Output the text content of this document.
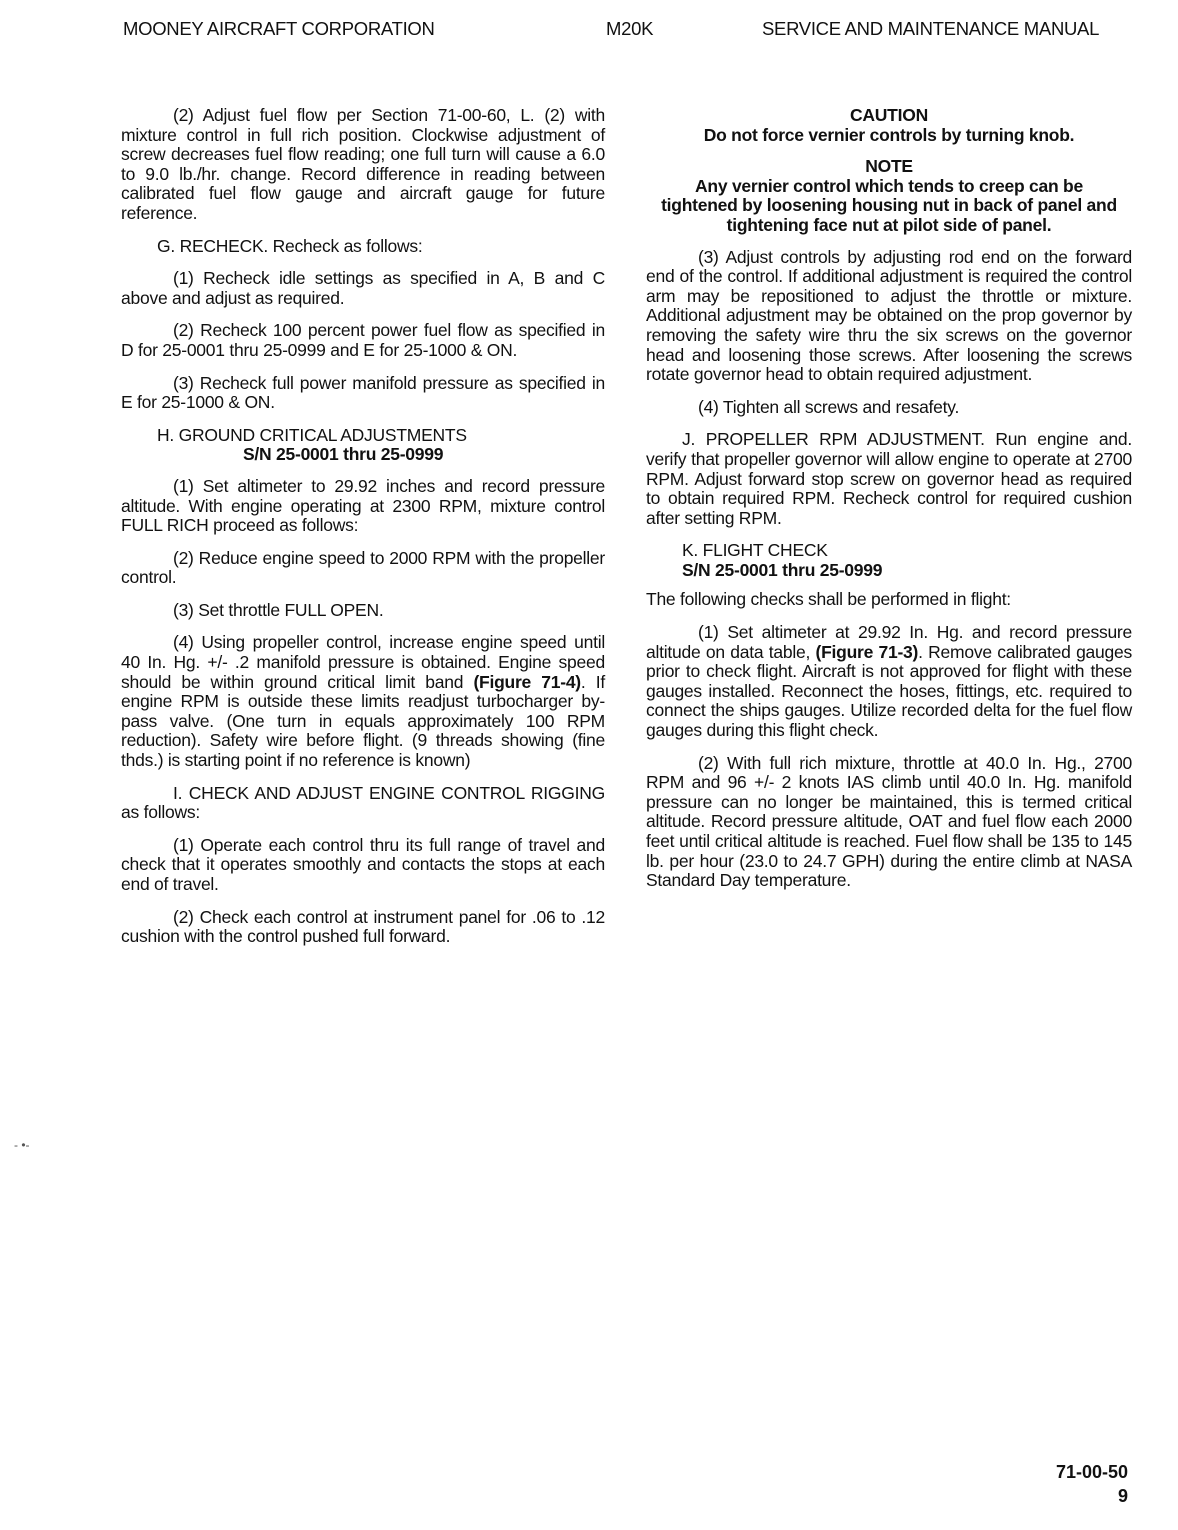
MOONEY AIRCRAFT CORPORATION	M20K	SERVICE AND MAINTENANCE MANUAL

(2) Adjust fuel flow per Section 71-00-60, L. (2) with mixture control in full rich position. Clockwise adjustment of screw decreases fuel flow reading; one full turn will cause a 6.0 to 9.0 lb./hr. change. Record difference in reading between calibrated fuel flow gauge and aircraft gauge for future reference.

G. RECHECK. Recheck as follows:

(1) Recheck idle settings as specified in A, B and C above and adjust as required.

(2) Recheck 100 percent power fuel flow as specified in D for 25-0001 thru 25-0999 and E for 25-1000 & ON.

(3) Recheck full power manifold pressure as specified in E for 25-1000 & ON.

H. GROUND CRITICAL ADJUSTMENTS
S/N 25-0001 thru 25-0999

(1) Set altimeter to 29.92 inches and record pressure altitude. With engine operating at 2300 RPM, mixture control FULL RICH proceed as follows:

(2) Reduce engine speed to 2000 RPM with the propeller control.

(3) Set throttle FULL OPEN.

(4) Using propeller control, increase engine speed until 40 In. Hg. +/- .2 manifold pressure is obtained. Engine speed should be within ground critical limit band (Figure 71-4). If engine RPM is outside these limits readjust turbocharger by-pass valve. (One turn in equals approximately 100 RPM reduction). Safety wire before flight. (9 threads showing (fine thds.) is starting point if no reference is known)

I. CHECK AND ADJUST ENGINE CONTROL RIGGING as follows:

(1) Operate each control thru its full range of travel and check that it operates smoothly and contacts the stops at each end of travel.

(2) Check each control at instrument panel for .06 to .12 cushion with the control pushed full forward.

CAUTION
Do not force vernier controls by turning knob.
NOTE
Any vernier control which tends to creep can be tightened by loosening housing nut in back of panel and tightening face nut at pilot side of panel.

(3) Adjust controls by adjusting rod end on the forward end of the control. If additional adjustment is required the control arm may be repositioned to adjust the throttle or mixture. Additional adjustment may be obtained on the prop governor by removing the safety wire thru the six screws on the governor head and loosening those screws. After loosening the screws rotate governor head to obtain required adjustment.

(4) Tighten all screws and resafety.

J. PROPELLER RPM ADJUSTMENT. Run engine and. verify that propeller governor will allow engine to operate at 2700 RPM. Adjust forward stop screw on governor head as required to obtain required RPM. Recheck control for required cushion after setting RPM.

K. FLIGHT CHECK
S/N 25-0001 thru 25-0999

The following checks shall be performed in flight:

(1) Set altimeter at 29.92 In. Hg. and record pressure altitude on data table, (Figure 71-3). Remove calibrated gauges prior to check flight. Aircraft is not approved for flight with these gauges installed. Reconnect the hoses, fittings, etc. required to connect the ships gauges. Utilize recorded delta for the fuel flow gauges during this flight check.

(2) With full rich mixture, throttle at 40.0 In. Hg., 2700 RPM and 96 +/- 2 knots IAS climb until 40.0 In. Hg. manifold pressure can no longer be maintained, this is termed critical altitude. Record pressure altitude, OAT and fuel flow each 2000 feet until critical altitude is reached. Fuel flow shall be 135 to 145 lb. per hour (23.0 to 24.7 GPH) during the entire climb at NASA Standard Day temperature.

- •-
71-00-50
9
